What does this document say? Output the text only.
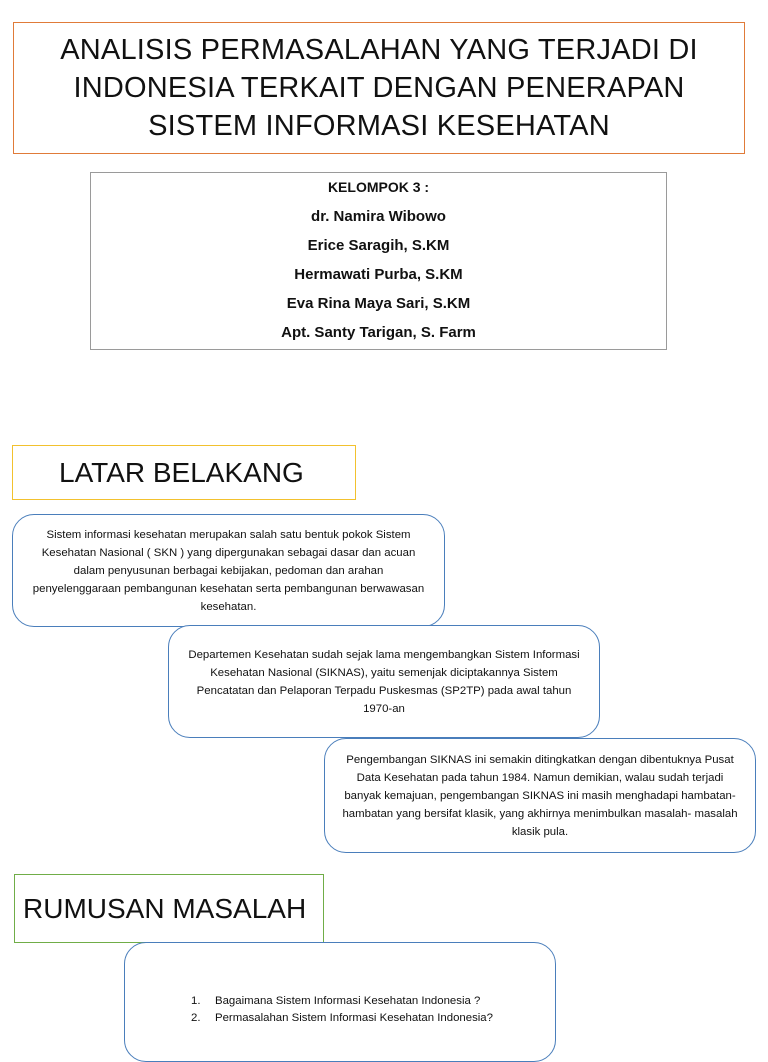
ANALISIS PERMASALAHAN YANG TERJADI DI
INDONESIA TERKAIT DENGAN PENERAPAN
SISTEM INFORMASI KESEHATAN
KELOMPOK 3 :
dr. Namira Wibowo
Erice Saragih, S.KM
Hermawati Purba, S.KM
Eva Rina Maya Sari, S.KM
Apt. Santy Tarigan, S. Farm
LATAR BELAKANG
Sistem informasi kesehatan merupakan salah satu bentuk pokok Sistem Kesehatan Nasional ( SKN ) yang dipergunakan sebagai dasar dan acuan dalam penyusunan berbagai kebijakan, pedoman dan arahan penyelenggaraan pembangunan kesehatan serta pembangunan berwawasan kesehatan.
Departemen Kesehatan sudah sejak lama mengembangkan Sistem Informasi Kesehatan Nasional (SIKNAS), yaitu semenjak diciptakannya Sistem Pencatatan dan Pelaporan Terpadu Puskesmas (SP2TP) pada awal tahun 1970-an
Pengembangan SIKNAS ini semakin ditingkatkan dengan dibentuknya Pusat Data Kesehatan pada tahun 1984. Namun demikian, walau sudah terjadi banyak kemajuan, pengembangan SIKNAS ini masih menghadapi hambatan-hambatan yang bersifat klasik, yang akhirnya menimbulkan masalah- masalah klasik pula.
RUMUSAN MASALAH
1.	Bagaimana Sistem Informasi Kesehatan Indonesia ?
2.	Permasalahan Sistem Informasi Kesehatan Indonesia?
